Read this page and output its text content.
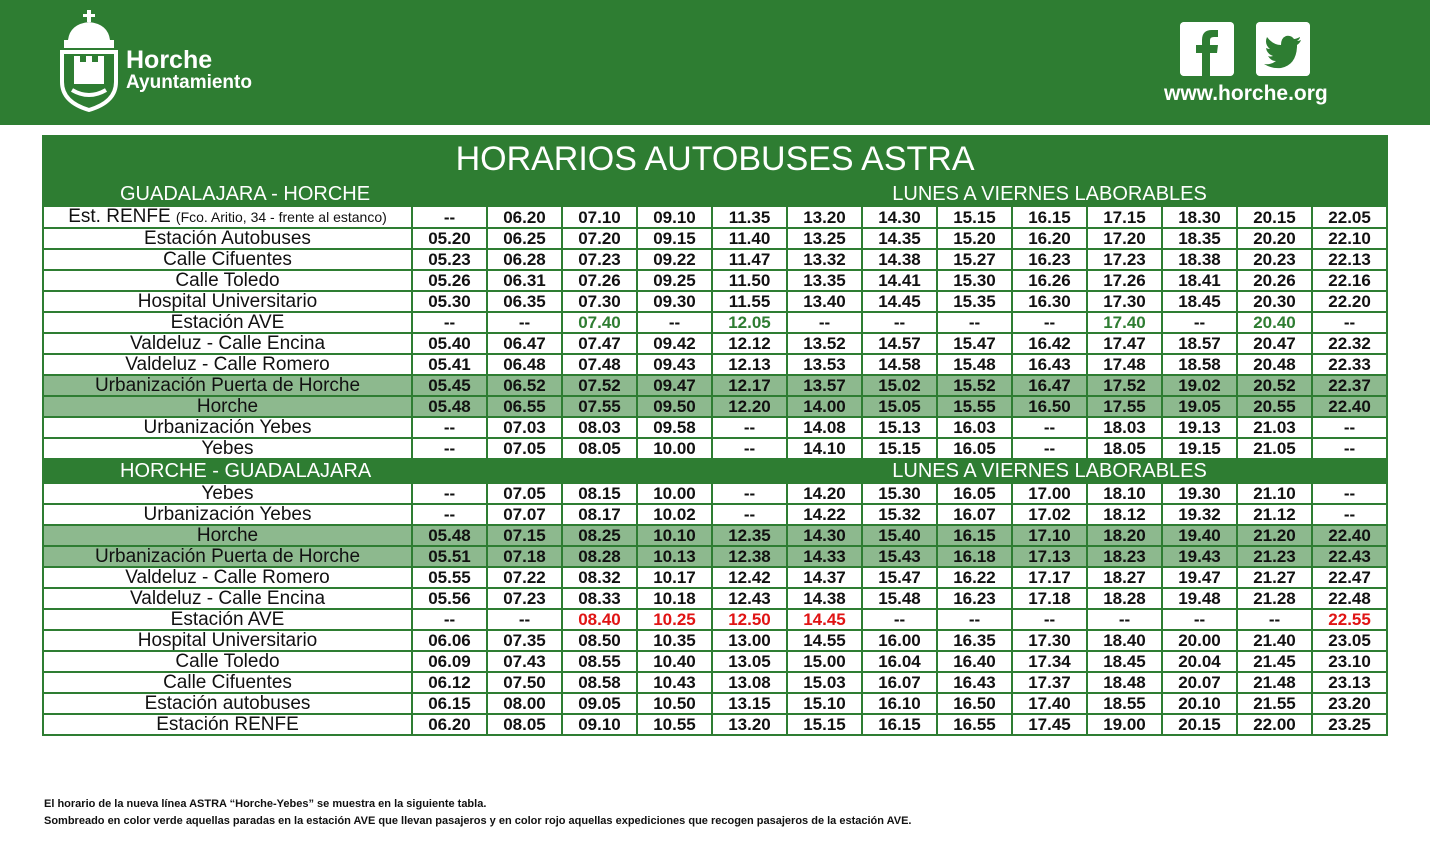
Horche
Ayuntamiento	www.horche.org
HORARIOS AUTOBUSES ASTRA													
GUADALAJARA - HORCHE					LUNES A VIERNES LABORABLES								
Est. RENFE (Fco. Aritio, 34 - frente al estanco)	--	06.20	07.10	09.10	11.35	13.20	14.30	15.15	16.15	17.15	18.30	20.15	22.05
Estación Autobuses	05.20	06.25	07.20	09.15	11.40	13.25	14.35	15.20	16.20	17.20	18.35	20.20	22.10
Calle Cifuentes	05.23	06.28	07.23	09.22	11.47	13.32	14.38	15.27	16.23	17.23	18.38	20.23	22.13
Calle Toledo	05.26	06.31	07.26	09.25	11.50	13.35	14.41	15.30	16.26	17.26	18.41	20.26	22.16
Hospital Universitario	05.30	06.35	07.30	09.30	11.55	13.40	14.45	15.35	16.30	17.30	18.45	20.30	22.20
Estación AVE	--	--	07.40	--	12.05	--	--	--	--	17.40	--	20.40	--
Valdeluz - Calle Encina	05.40	06.47	07.47	09.42	12.12	13.52	14.57	15.47	16.42	17.47	18.57	20.47	22.32
Valdeluz - Calle Romero	05.41	06.48	07.48	09.43	12.13	13.53	14.58	15.48	16.43	17.48	18.58	20.48	22.33
Urbanización Puerta de Horche	05.45	06.52	07.52	09.47	12.17	13.57	15.02	15.52	16.47	17.52	19.02	20.52	22.37
Horche	05.48	06.55	07.55	09.50	12.20	14.00	15.05	15.55	16.50	17.55	19.05	20.55	22.40
Urbanización Yebes	--	07.03	08.03	09.58	--	14.08	15.13	16.03	--	18.03	19.13	21.03	--
Yebes	--	07.05	08.05	10.00	--	14.10	15.15	16.05	--	18.05	19.15	21.05	--
HORCHE - GUADALAJARA					LUNES A VIERNES LABORABLES								
Yebes	--	07.05	08.15	10.00	--	14.20	15.30	16.05	17.00	18.10	19.30	21.10	--
Urbanización Yebes	--	07.07	08.17	10.02	--	14.22	15.32	16.07	17.02	18.12	19.32	21.12	--
Horche	05.48	07.15	08.25	10.10	12.35	14.30	15.40	16.15	17.10	18.20	19.40	21.20	22.40
Urbanización Puerta de Horche	05.51	07.18	08.28	10.13	12.38	14.33	15.43	16.18	17.13	18.23	19.43	21.23	22.43
Valdeluz - Calle Romero	05.55	07.22	08.32	10.17	12.42	14.37	15.47	16.22	17.17	18.27	19.47	21.27	22.47
Valdeluz - Calle Encina	05.56	07.23	08.33	10.18	12.43	14.38	15.48	16.23	17.18	18.28	19.48	21.28	22.48
Estación AVE	--	--	08.40	10.25	12.50	14.45	--	--	--	--	--	--	22.55
Hospital Universitario	06.06	07.35	08.50	10.35	13.00	14.55	16.00	16.35	17.30	18.40	20.00	21.40	23.05
Calle Toledo	06.09	07.43	08.55	10.40	13.05	15.00	16.04	16.40	17.34	18.45	20.04	21.45	23.10
Calle Cifuentes	06.12	07.50	08.58	10.43	13.08	15.03	16.07	16.43	17.37	18.48	20.07	21.48	23.13
Estación autobuses	06.15	08.00	09.05	10.50	13.15	15.10	16.10	16.50	17.40	18.55	20.10	21.55	23.20
Estación RENFE	06.20	08.05	09.10	10.55	13.20	15.15	16.15	16.55	17.45	19.00	20.15	22.00	23.25
El horario de la nueva línea ASTRA “Horche-Yebes” se muestra en la siguiente tabla.
Sombreado en color verde aquellas paradas en la estación AVE que llevan pasajeros y en color rojo aquellas expediciones que recogen pasajeros de la estación AVE.
